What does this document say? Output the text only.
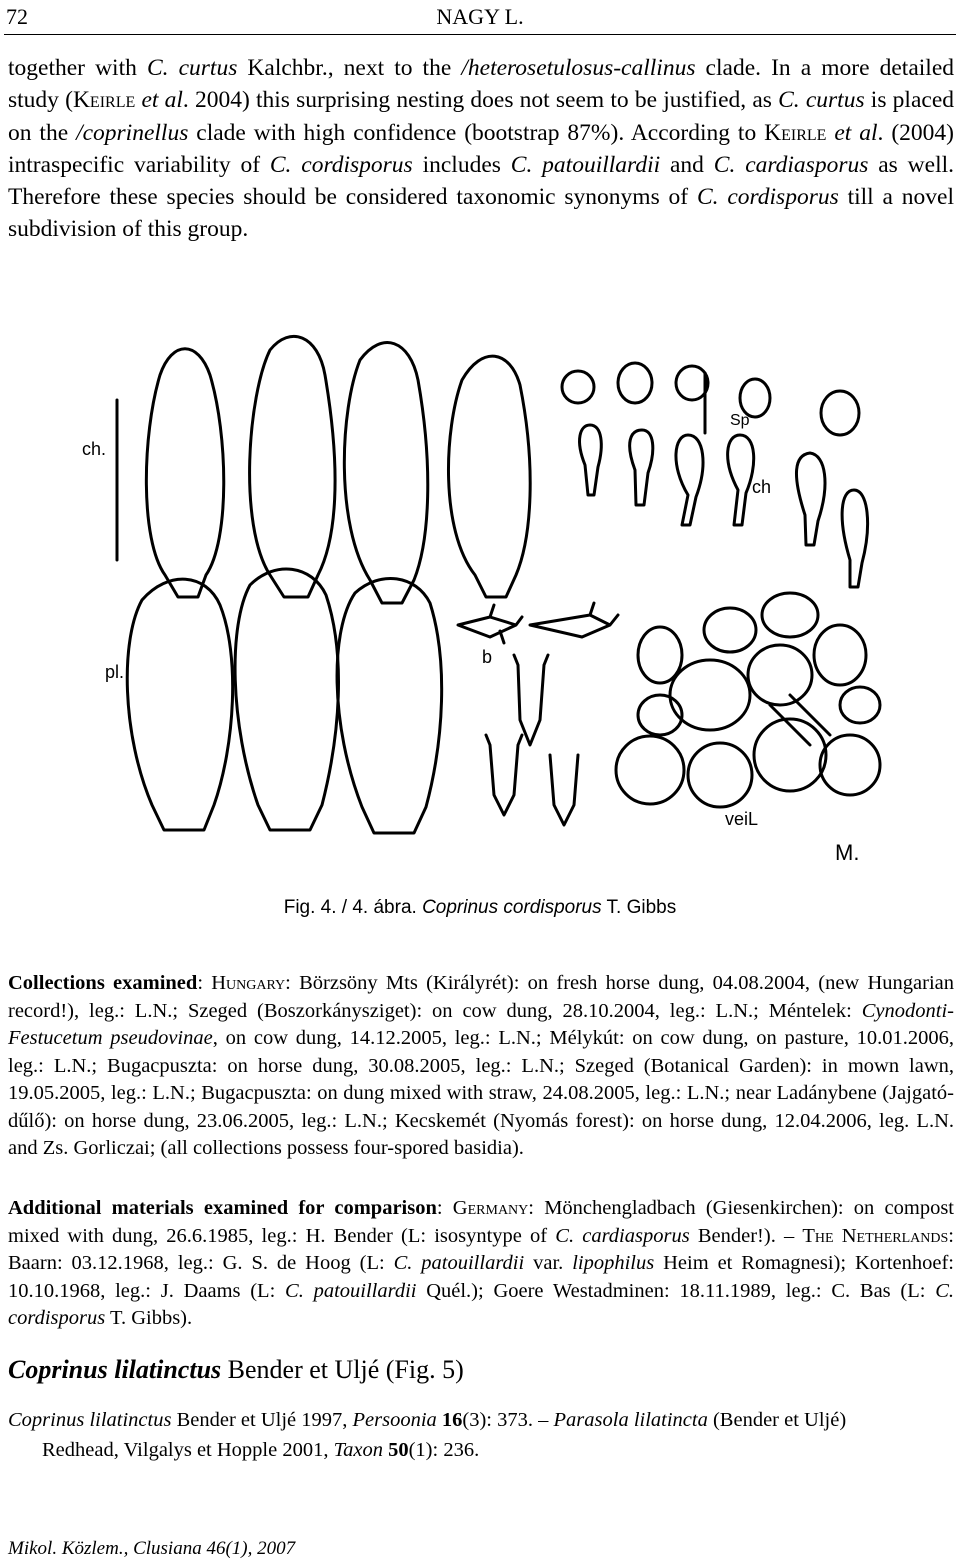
72	NAGY L.

together with C. curtus Kalchbr., next to the /heterosetulosus-callinus clade. In a more detailed study (Keirle et al. 2004) this surprising nesting does not seem to be justified, as C. curtus is placed on the /coprinellus clade with high confidence (bootstrap 87%). According to Keirle et al. (2004) intraspecific variability of C. cordisporus includes C. patouillardii and C. cardiasporus as well. Therefore these species should be considered taxonomic synonyms of C. cordisporus till a novel subdivision of this group.

ch.
pl.
b
Sp
ch
veiL
M.
Fig. 4. / 4. ábra. Coprinus cordisporus T. Gibbs

Collections examined: Hungary: Börzsöny Mts (Királyrét): on fresh horse dung, 04.08.2004, (new Hungarian record!), leg.: L.N.; Szeged (Boszorkánysziget): on cow dung, 28.10.2004, leg.: L.N.; Méntelek: Cynodonti-Festucetum pseudovinae, on cow dung, 14.12.2005, leg.: L.N.; Mélykút: on cow dung, on pasture, 10.01.2006, leg.: L.N.; Bugacpuszta: on horse dung, 30.08.2005, leg.: L.N.; Szeged (Botanical Garden): in mown lawn, 19.05.2005, leg.: L.N.; Bugacpuszta: on dung mixed with straw, 24.08.2005, leg.: L.N.; near Ladánybene (Jajgató-dűlő): on horse dung, 23.06.2005, leg.: L.N.; Kecskemét (Nyomás forest): on horse dung, 12.04.2006, leg. L.N. and Zs. Gorliczai; (all collections possess four-spored basidia).

Additional materials examined for comparison: Germany: Mönchengladbach (Giesenkirchen): on compost mixed with dung, 26.6.1985, leg.: H. Bender (L: isosyntype of C. cardiasporus Bender!). – The Netherlands: Baarn: 03.12.1968, leg.: G. S. de Hoog (L: C. patouillardii var. lipophilus Heim et Romagnesi); Kortenhoef: 10.10.1968, leg.: J. Daams (L: C. patouillardii Quél.); Goere Westadminen: 18.11.1989, leg.: C. Bas (L: C. cordisporus T. Gibbs).

Coprinus lilatinctus Bender et Uljé (Fig. 5)
Coprinus lilatinctus Bender et Uljé 1997, Persoonia 16(3): 373. – Parasola lilatincta (Bender et Uljé)
Redhead, Vilgalys et Hopple 2001, Taxon 50(1): 236.
Mikol. Közlem., Clusiana 46(1), 2007
